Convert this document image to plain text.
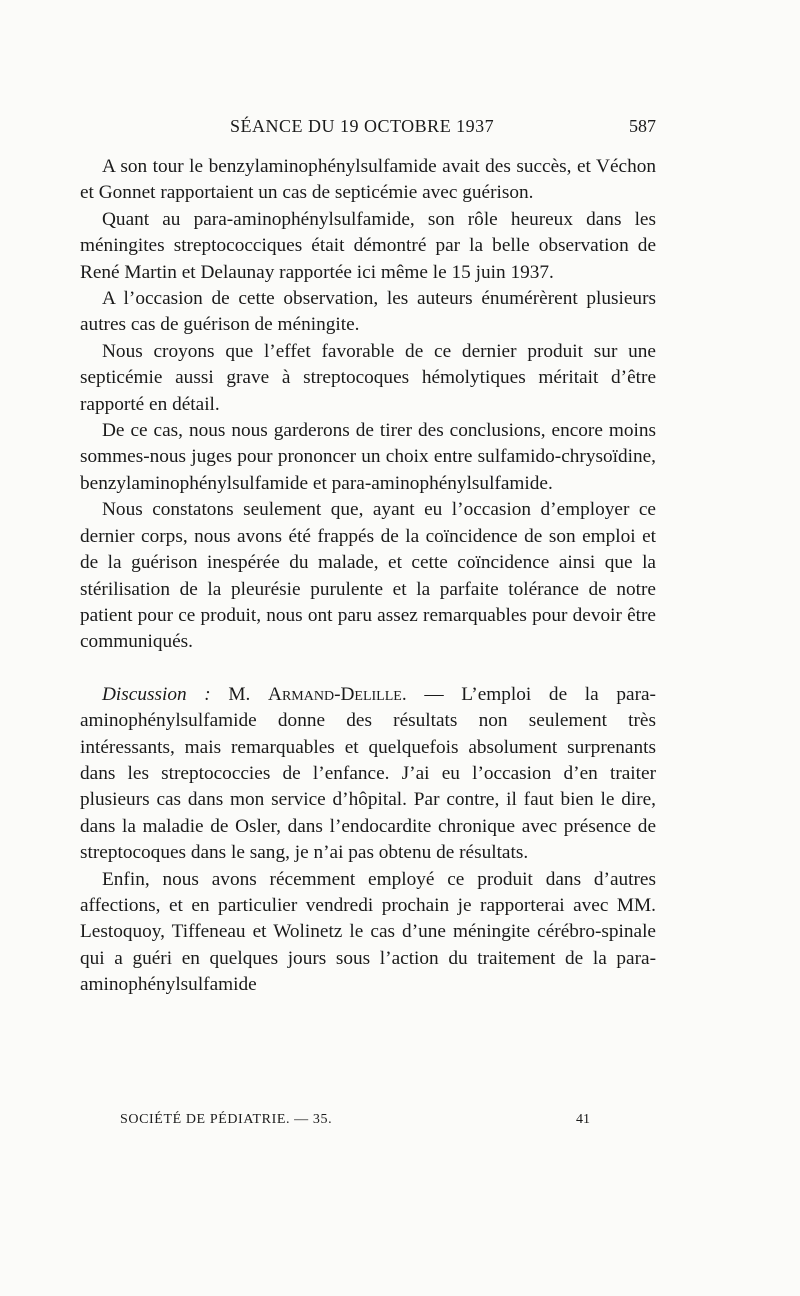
SÉANCE DU 19 OCTOBRE 1937	587

A son tour le benzylaminophénylsulfamide avait des succès, et Véchon et Gonnet rapportaient un cas de septicémie avec guérison.

Quant au para-aminophénylsulfamide, son rôle heureux dans les méningites streptococciques était démontré par la belle observation de René Martin et Delaunay rapportée ici même le 15 juin 1937.

A l’occasion de cette observation, les auteurs énumérèrent plusieurs autres cas de guérison de méningite.

Nous croyons que l’effet favorable de ce dernier produit sur une septicémie aussi grave à streptocoques hémolytiques méritait d’être rapporté en détail.

De ce cas, nous nous garderons de tirer des conclusions, encore moins sommes-nous juges pour prononcer un choix entre sulfamido-chrysoïdine, benzylaminophénylsulfamide et para-aminophénylsulfamide.

Nous constatons seulement que, ayant eu l’occasion d’employer ce dernier corps, nous avons été frappés de la coïncidence de son emploi et de la guérison inespérée du malade, et cette coïncidence ainsi que la stérilisation de la pleurésie purulente et la parfaite tolérance de notre patient pour ce produit, nous ont paru assez remarquables pour devoir être communiqués.

Discussion : M. Armand-Delille. — L’emploi de la para-aminophénylsulfamide donne des résultats non seulement très intéressants, mais remarquables et quelquefois absolument surprenants dans les streptococcies de l’enfance. J’ai eu l’occasion d’en traiter plusieurs cas dans mon service d’hôpital. Par contre, il faut bien le dire, dans la maladie de Osler, dans l’endocardite chronique avec présence de streptocoques dans le sang, je n’ai pas obtenu de résultats.

Enfin, nous avons récemment employé ce produit dans d’autres affections, et en particulier vendredi prochain je rapporterai avec MM. Lestoquoy, Tiffeneau et Wolinetz le cas d’une méningite cérébro-spinale qui a guéri en quelques jours sous l’action du traitement de la para-aminophénylsulfamide

SOCIÉTÉ DE PÉDIATRIE. — 35.	41
